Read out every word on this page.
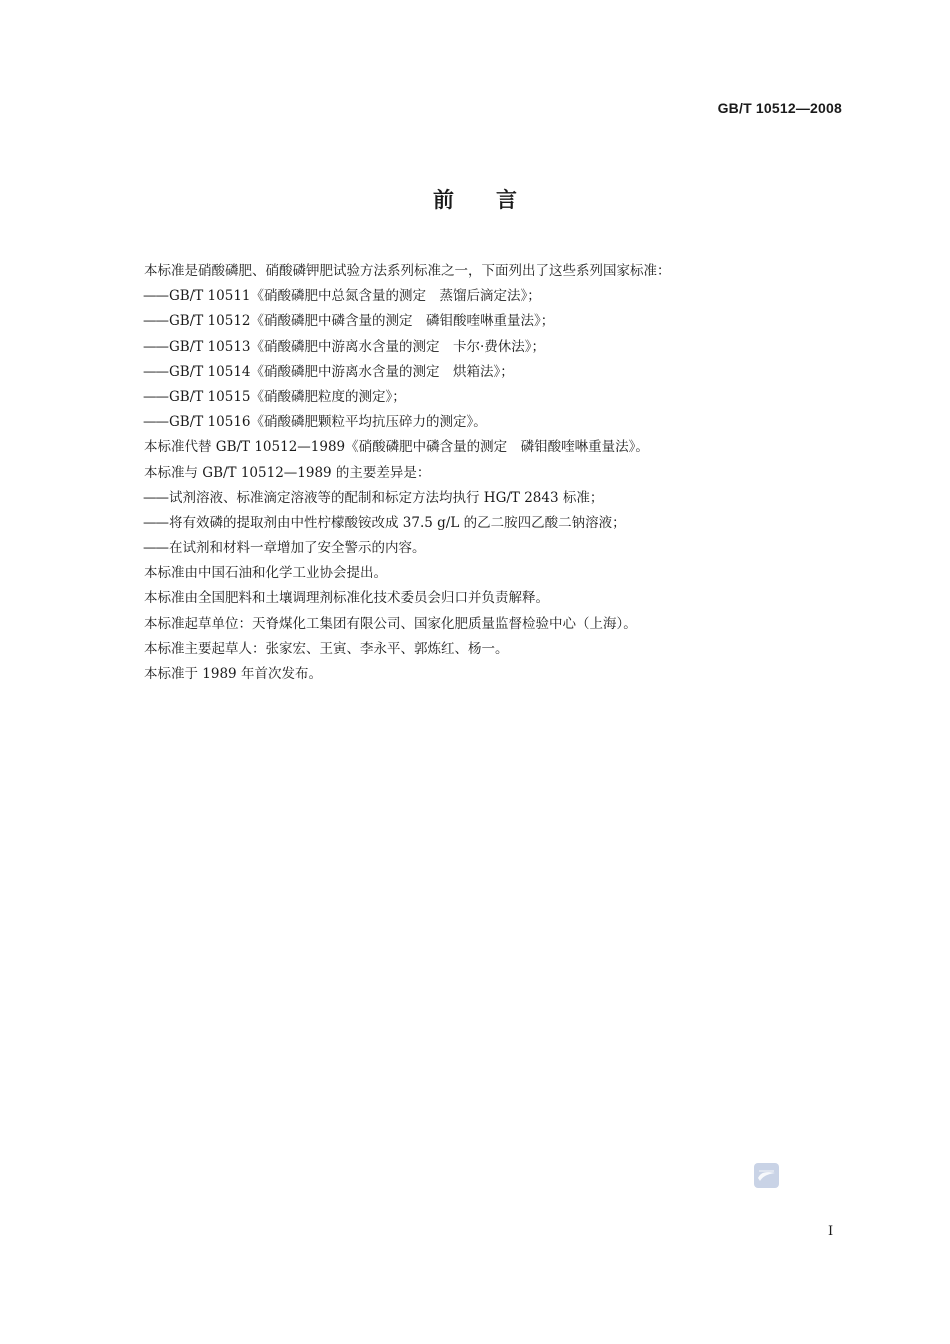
GB/T 10512—2008
前言
本标准是硝酸磷肥、硝酸磷钾肥试验方法系列标准之一，下面列出了这些系列国家标准：
——GB/T 10511《硝酸磷肥中总氮含量的测定　蒸馏后滴定法》；
——GB/T 10512《硝酸磷肥中磷含量的测定　磷钼酸喹啉重量法》；
——GB/T 10513《硝酸磷肥中游离水含量的测定　卡尔·费休法》；
——GB/T 10514《硝酸磷肥中游离水含量的测定　烘箱法》；
——GB/T 10515《硝酸磷肥粒度的测定》；
——GB/T 10516《硝酸磷肥颗粒平均抗压碎力的测定》。
本标准代替 GB/T 10512—1989《硝酸磷肥中磷含量的测定　磷钼酸喹啉重量法》。
本标准与 GB/T 10512—1989 的主要差异是：
——试剂溶液、标准滴定溶液等的配制和标定方法均执行 HG/T 2843 标准；
——将有效磷的提取剂由中性柠檬酸铵改成 37.5 g/L 的乙二胺四乙酸二钠溶液；
——在试剂和材料一章增加了安全警示的内容。
本标准由中国石油和化学工业协会提出。
本标准由全国肥料和土壤调理剂标准化技术委员会归口并负责解释。
本标准起草单位：天脊煤化工集团有限公司、国家化肥质量监督检验中心（上海）。
本标准主要起草人：张家宏、王寅、李永平、郭炼红、杨一。
本标准于 1989 年首次发布。
I
